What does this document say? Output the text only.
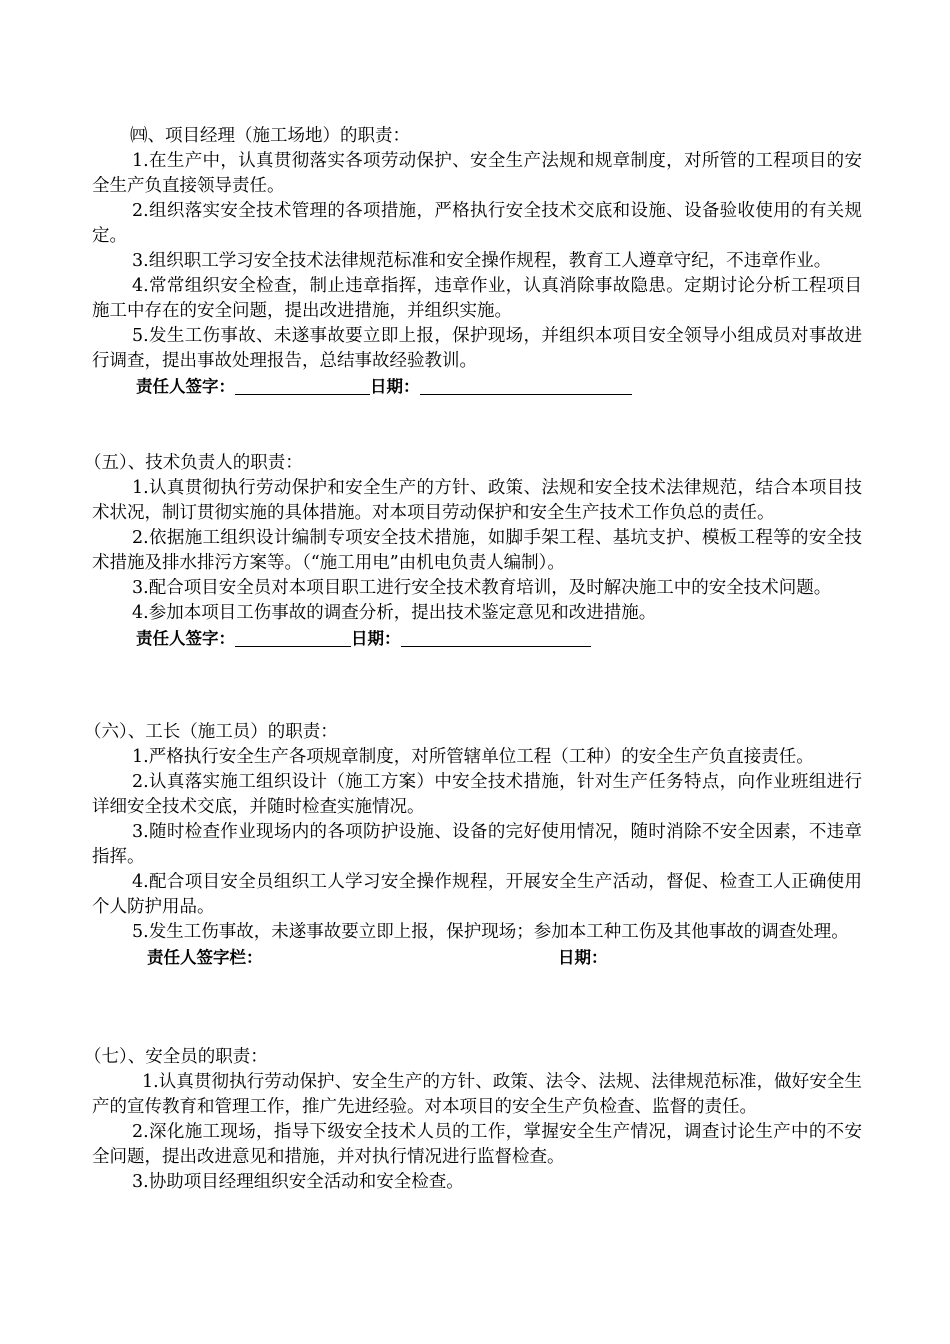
㈣、项目经理（施工场地）的职责：

1.在生产中，认真贯彻落实各项劳动保护、安全生产法规和规章制度，对所管的工程项目的安全生产负直接领导责任。

2.组织落实安全技术管理的各项措施，严格执行安全技术交底和设施、设备验收使用的有关规定。

3.组织职工学习安全技术法律规范标准和安全操作规程，教育工人遵章守纪，不违章作业。

4.常常组织安全检查，制止违章指挥，违章作业，认真消除事故隐患。定期讨论分析工程项目施工中存在的安全问题，提出改进措施，并组织实施。

5.发生工伤事故、未遂事故要立即上报，保护现场，并组织本项目安全领导小组成员对事故进行调查，提出事故处理报告，总结事故经验教训。

责任人签字：	日期：
（五）、技术负责人的职责：

1.认真贯彻执行劳动保护和安全生产的方针、政策、法规和安全技术法律规范，结合本项目技术状况，制订贯彻实施的具体措施。对本项目劳动保护和安全生产技术工作负总的责任。

2.依据施工组织设计编制专项安全技术措施，如脚手架工程、基坑支护、模板工程等的安全技术措施及排水排污方案等。（“施工用电”由机电负责人编制）。

3.配合项目安全员对本项目职工进行安全技术教育培训，及时解决施工中的安全技术问题。

4.参加本项目工伤事故的调查分析，提出技术鉴定意见和改进措施。

责任人签字：	日期：
（六）、工长（施工员）的职责：

1.严格执行安全生产各项规章制度，对所管辖单位工程（工种）的安全生产负直接责任。

2.认真落实施工组织设计（施工方案）中安全技术措施，针对生产任务特点，向作业班组进行详细安全技术交底，并随时检查实施情况。

3.随时检查作业现场内的各项防护设施、设备的完好使用情况，随时消除不安全因素，不违章指挥。

4.配合项目安全员组织工人学习安全操作规程，开展安全生产活动，督促、检查工人正确使用个人防护用品。

5.发生工伤事故，未遂事故要立即上报，保护现场；参加本工种工伤及其他事故的调查处理。

责任人签字栏：	日期：
（七）、安全员的职责：

1.认真贯彻执行劳动保护、安全生产的方针、政策、法令、法规、法律规范标准，做好安全生产的宣传教育和管理工作，推广先进经验。对本项目的安全生产负检查、监督的责任。

2.深化施工现场，指导下级安全技术人员的工作，掌握安全生产情况，调查讨论生产中的不安全问题，提出改进意见和措施，并对执行情况进行监督检查。

3.协助项目经理组织安全活动和安全检查。
